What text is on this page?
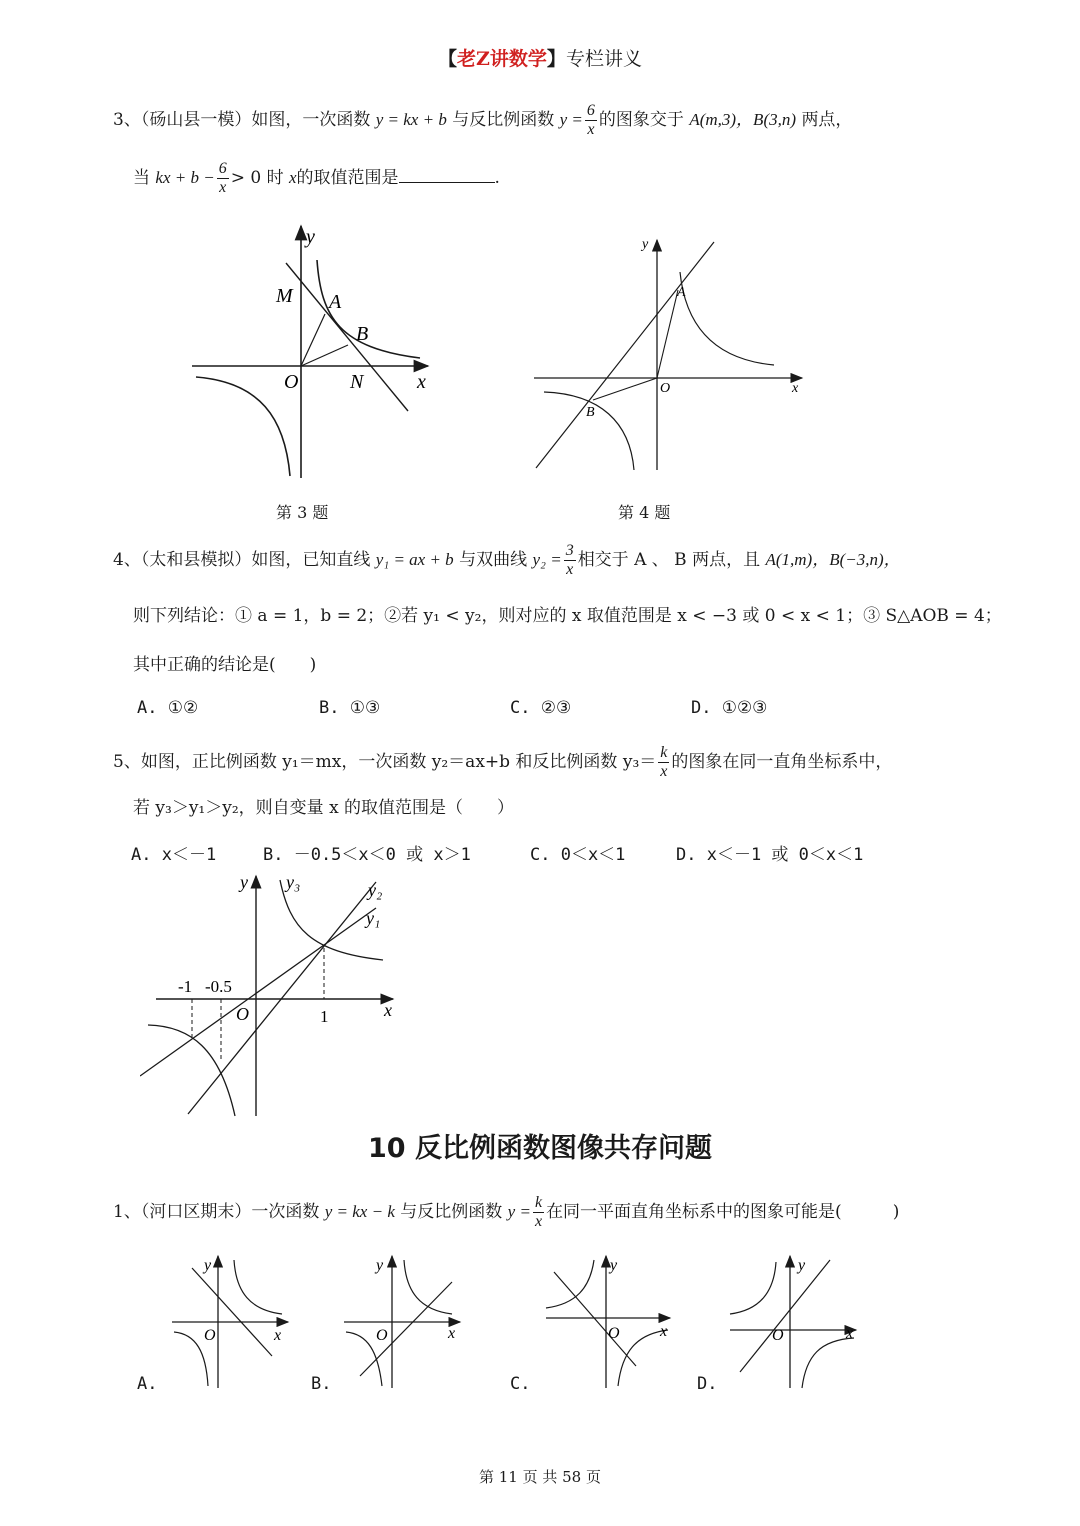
【老Z讲数学】专栏讲义
3、（砀山县一模）如图，一次函数 y = kx + b 与反比例函数 $y = \frac{6}{x}$ 的图象交于 A(m,3)，B(3,n) 两点，
当 kx + $b - \frac{6}{x} > 0$ 时 x的取值范围是	.
y
x
O
M A
B
N
第 3 题
y
x
O
A
B
第 4 题
4、（太和县模拟）如图，已知直线 y₁ = ax + b 与双曲线 $y_2 = \frac{3}{x}$ 相交于 A 、 B 两点，且 A(1,m)，B(−3,n)，
则下列结论：① a = 1，b = 2；②若 y₁ < y₂，则对应的 x 取值范围是 x < −3 或 0 < x < 1；③ S△AOB = 4；
其中正确的结论是(　　)
A. ①②	B. ①③	C. ②③	D. ①②③
5、如图，正比例函数 y₁＝mx，一次函数 y₂＝ax+b 和反比例函数 $y_3= \frac{k}{x}$ 的图象在同一直角坐标系中，
若 y₃＞y₁＞y₂，则自变量 x 的取值范围是（　　）
A. x＜－1	B. －0.5＜x＜0 或 x＞1	C. 0＜x＜1	D. x＜－1 或 0＜x＜1
y y₃	y₂
y₁
O	x
1
-1 -0.5
10 反比例函数图像共存问题
1、（河口区期末）一次函数 y = kx − k 与反比例函数 $y = \frac{k}{x}$ 在同一平面直角坐标系中的图象可能是(　　　)
y
x
O
A.
y
x
O
B.
y
x
O
C.
y
x
O
D.
第 11 页 共 58 页
